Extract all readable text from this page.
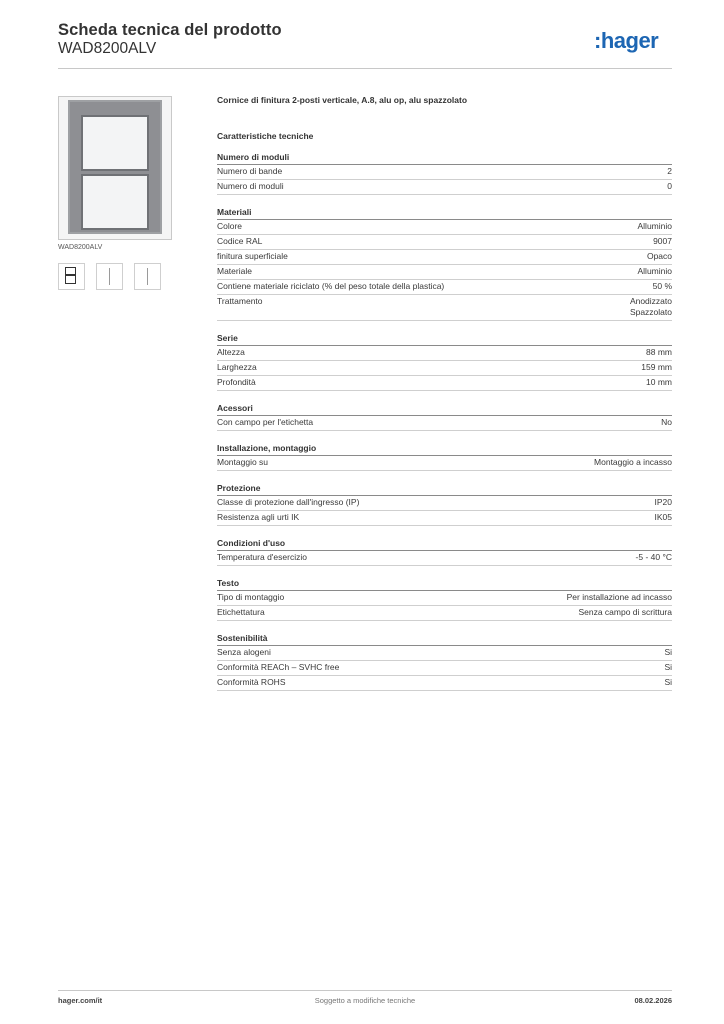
Scheda tecnica del prodotto
WAD8200ALV	:hager
WAD8200ALV
Cornice di finitura 2-posti verticale, A.8, alu op, alu spazzolato
Caratteristiche tecniche
Numero di moduli
Numero di bande	2
Numero di moduli	0
Materiali
Colore	Alluminio
Codice RAL	9007
finitura superficiale	Opaco
Materiale	Alluminio
Contiene materiale riciclato (% del peso totale della plastica)	50 %
Trattamento	Anodizzato
Spazzolato
Serie
Altezza	88 mm
Larghezza	159 mm
Profondità	10 mm
Acessori
Con campo per l'etichetta	No
Installazione, montaggio
Montaggio su	Montaggio a incasso
Protezione
Classe di protezione dall'ingresso (IP)	IP20
Resistenza agli urti IK	IK05
Condizioni d'uso
Temperatura d'esercizio	-5 - 40 °C
Testo
Tipo di montaggio	Per installazione ad incasso
Etichettatura	Senza campo di scrittura
Sostenibilità
Senza alogeni	Si
Conformità REACh – SVHC free	Si
Conformità ROHS	Si
hager.com/it	Soggetto a modifiche tecniche	08.02.2026
